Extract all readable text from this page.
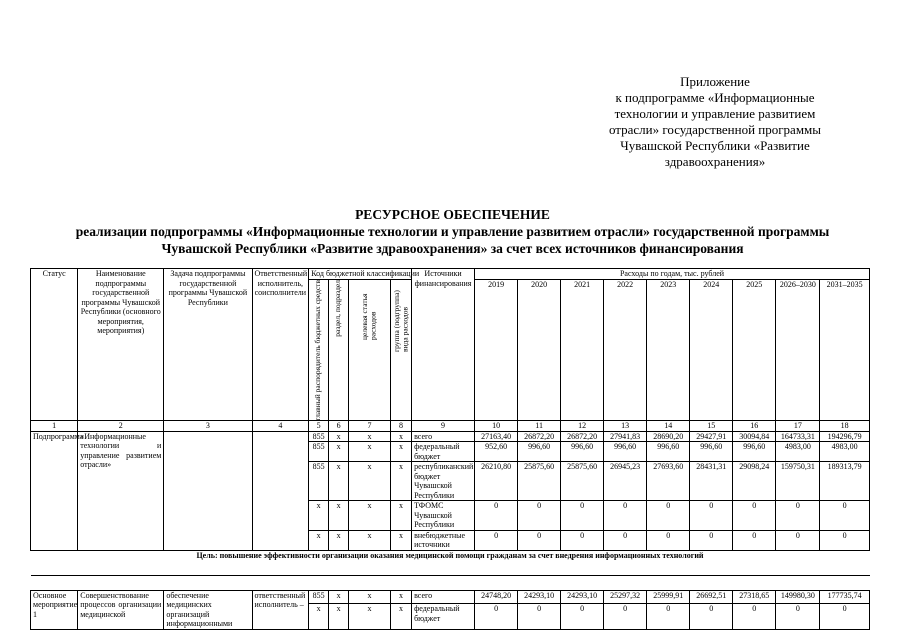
Приложение
к подпрограмме «Информационные
технологии и управление развитием
отрасли» государственной программы
Чувашской Республики «Развитие
здравоохранения»
РЕСУРСНОЕ ОБЕСПЕЧЕНИЕ
реализации подпрограммы «Информационные технологии и управление развитием отрасли» государственной программы
Чувашской Республики «Развитие здравоохранения» за счет всех источников финансирования
Статус	Наименование подпрограммы государственной программы Чувашской Республики (основного мероприятия, мероприятия)	Задача подпрограммы государственной программы Чувашской Республики	Ответственный исполнитель, соисполнители	Код бюджетной классификации				Источники финансирования	Расходы по годам, тыс. рублей								

				главный распорядитель бюджетных средств	раздел, подраздел	целевая статья расходов	группа (подгруппа) вида расходов		2019	2020	2021	2022	2023	2024	2025	2026–2030	2031–2035
1	2	3	4	5	6	7	8	9	10	11	12	13	14	15	16	17	18
Подпрограмма	«Информационные технологии и управление развитием отрасли»			855	x	x	x	всего	27163,40	26872,20	26872,20	27941,83	28690,20	29427,91	30094,84	164733,31	194296,79
				855	x	x	x	федеральный бюджет	952,60	996,60	996,60	996,60	996,60	996,60	996,60	4983,00	4983,00
				855	x	x	x	республиканский бюджет Чувашской Республики	26210,80	25875,60	25875,60	26945,23	27693,60	28431,31	29098,24	159750,31	189313,79
				x	x	x	x	ТФОМС Чувашской Республики	0	0	0	0	0	0	0	0	0
				x	x	x	x	внебюджетные источники	0	0	0	0	0	0	0	0	0
Цель: повышение эффективности организации оказания медицинской помощи гражданам за счет внедрения информационных технологий																	

Основное мероприятие 1	Совершенствование процессов организации медицинской	обеспечение медицинских организаций информационными	ответственный исполнитель –	855	x	x	x	всего	24748,20	24293,10	24293,10	25297,32	25999,91	26692,51	27318,65	149980,30	177735,74
				x	x	x	x	федеральный бюджет	0	0	0	0	0	0	0	0	0
